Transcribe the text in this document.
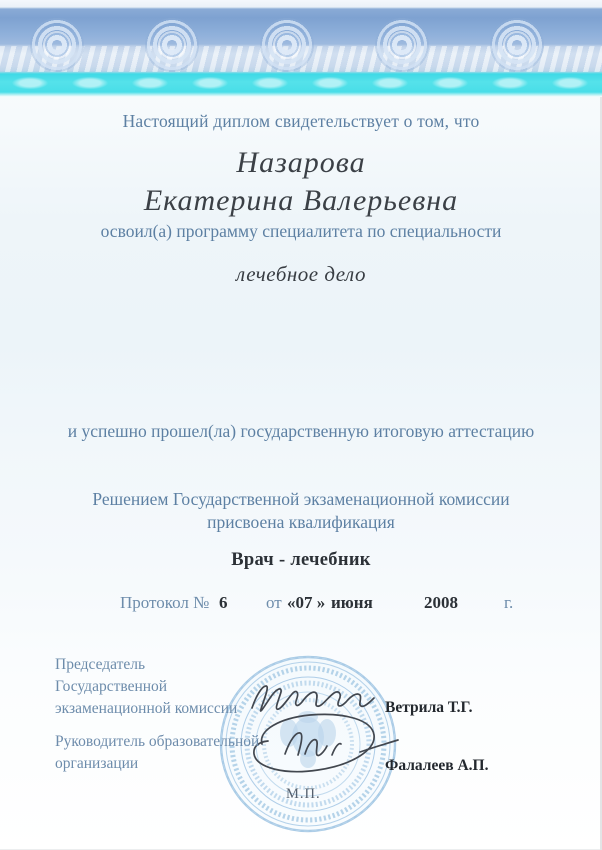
Настоящий диплом свидетельствует о том, что
Назарова
Екатерина Валерьевна
освоил(а) программу специалитета по специальности
лечебное дело
и успешно прошел(ла) государственную итоговую аттестацию
Решением Государственной экзаменационной комиссии
присвоена квалификация
Врач - лечебник
Протокол № 6 от «07 » июня	2008	г.
Председатель
Государственной
экзаменационной комиссии	Ветрила Т.Г.
Руководитель образовательной
организации	Фалалеев А.П.
М.П.
